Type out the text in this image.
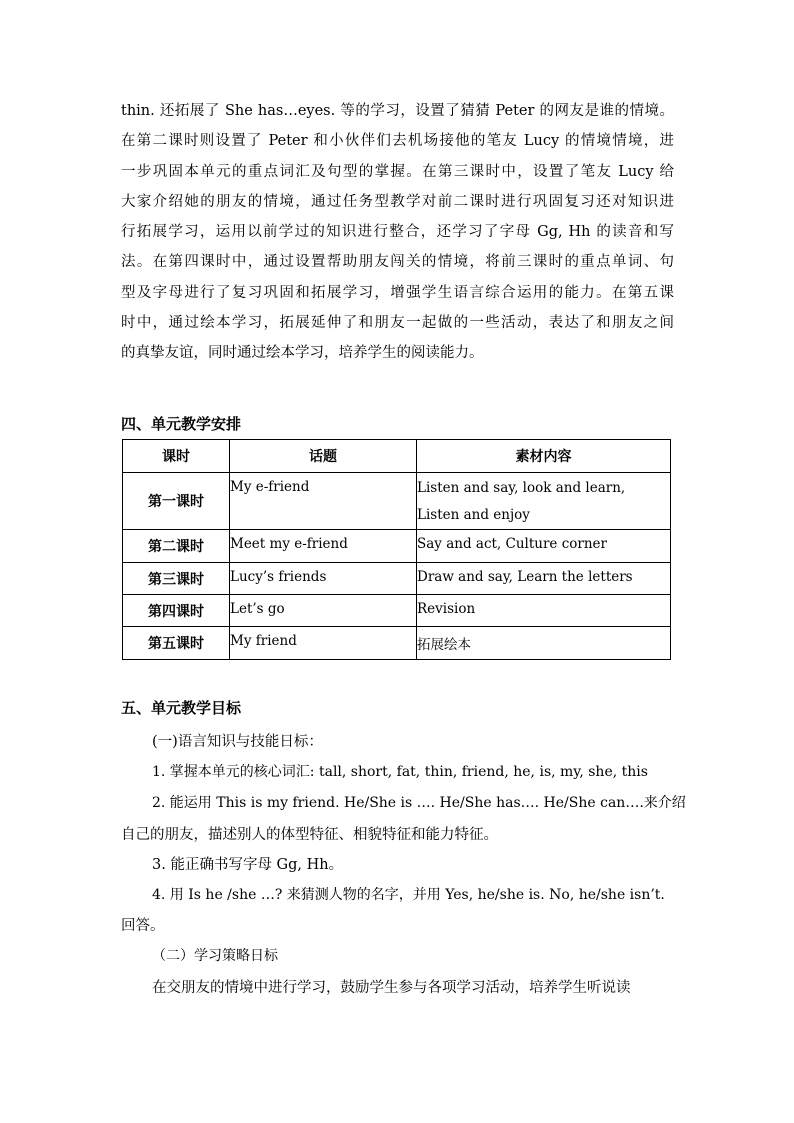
thin. 还拓展了 She has…eyes. 等的学习，设置了猜猜 Peter 的网友是谁的情境。
在第二课时则设置了 Peter 和小伙伴们去机场接他的笔友 Lucy 的情境情境，进
一步巩固本单元的重点词汇及句型的掌握。在第三课时中，设置了笔友 Lucy 给
大家介绍她的朋友的情境，通过任务型教学对前二课时进行巩固复习还对知识进
行拓展学习，运用以前学过的知识进行整合，还学习了字母 Gg, Hh 的读音和写
法。在第四课时中，通过设置帮助朋友闯关的情境，将前三课时的重点单词、句
型及字母进行了复习巩固和拓展学习，增强学生语言综合运用的能力。在第五课
时中，通过绘本学习，拓展延伸了和朋友一起做的一些活动，表达了和朋友之间
的真挚友谊，同时通过绘本学习，培养学生的阅读能力。
四、单元教学安排
课时	话题	素材内容
第一课时	My e-friend	Listen and say, look and learn,
Listen and enjoy

第二课时	Meet my e-friend	Say and act, Culture corner
第三课时	Lucy’s friends	Draw and say, Learn the letters
第四课时	Let’s go	Revision
第五课时	My friend	拓展绘本
五、单元教学目标
(一)语言知识与技能日标：
1. 掌握本单元的核心词汇: tall, short, fat, thin, friend, he, is, my, she, this
2. 能运用 This is my friend. He/She is …. He/She has…. He/She can….来介绍
自己的朋友，描述别人的体型特征、相貌特征和能力特征。
3. 能正确书写字母 Gg, Hh。
4. 用 Is he /she …? 来猜测人物的名字，并用 Yes, he/she is. No, he/she isn’t.
回答。
（二）学习策略日标
在交朋友的情境中进行学习，鼓励学生参与各项学习活动，培养学生听说读
